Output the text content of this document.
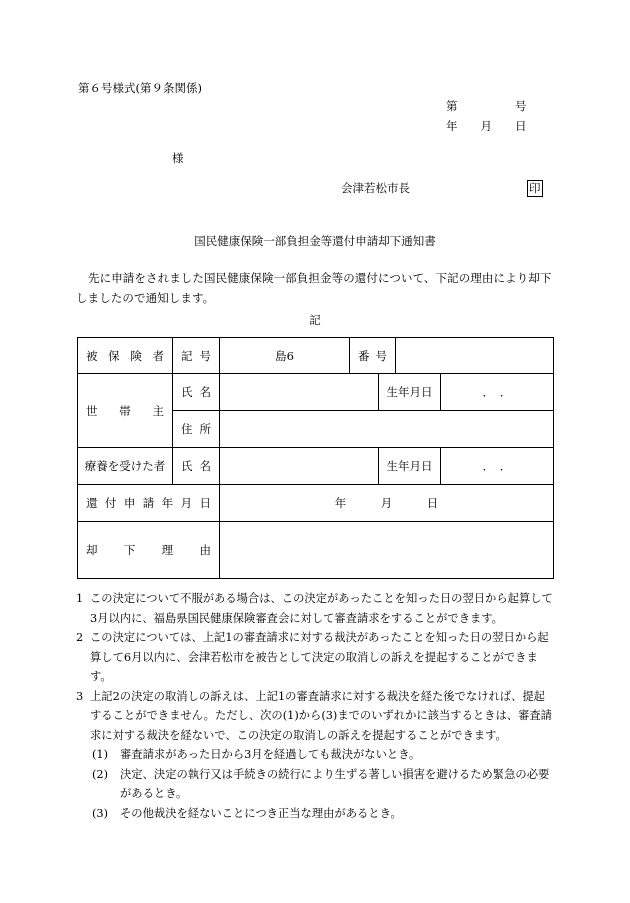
第６号様式(第９条関係)
第　　　　　号
年　　月　　日
様
会津若松市長	印
国民健康保険一部負担金等還付申請却下通知書
先に申請をされました国民健康保険一部負担金等の還付について、下記の理由により却下しましたので通知します。
記
被保険者	記号	島6	番号			
世帯主	氏名			生年月日		．　．
	住所					
療養を受けた者	氏名			生年月日		．　．
還付申請年月日		年　　　月　　　日				
却下理由						
1 この決定について不服がある場合は、この決定があったことを知った日の翌日から起算して3月以内に、福島県国民健康保険審査会に対して審査請求をすることができます。
2 この決定については、上記1の審査請求に対する裁決があったことを知った日の翌日から起算して6月以内に、会津若松市を被告として決定の取消しの訴えを提起することができます。
3 上記2の決定の取消しの訴えは、上記1の審査請求に対する裁決を経た後でなければ、提起することができません。ただし、次の(1)から(3)までのいずれかに該当するときは、審査請求に対する裁決を経ないで、この決定の取消しの訴えを提起することができます。
(1) 審査請求があった日から3月を経過しても裁決がないとき。
(2) 決定、決定の執行又は手続きの続行により生ずる著しい損害を避けるため緊急の必要があるとき。
(3) その他裁決を経ないことにつき正当な理由があるとき。
